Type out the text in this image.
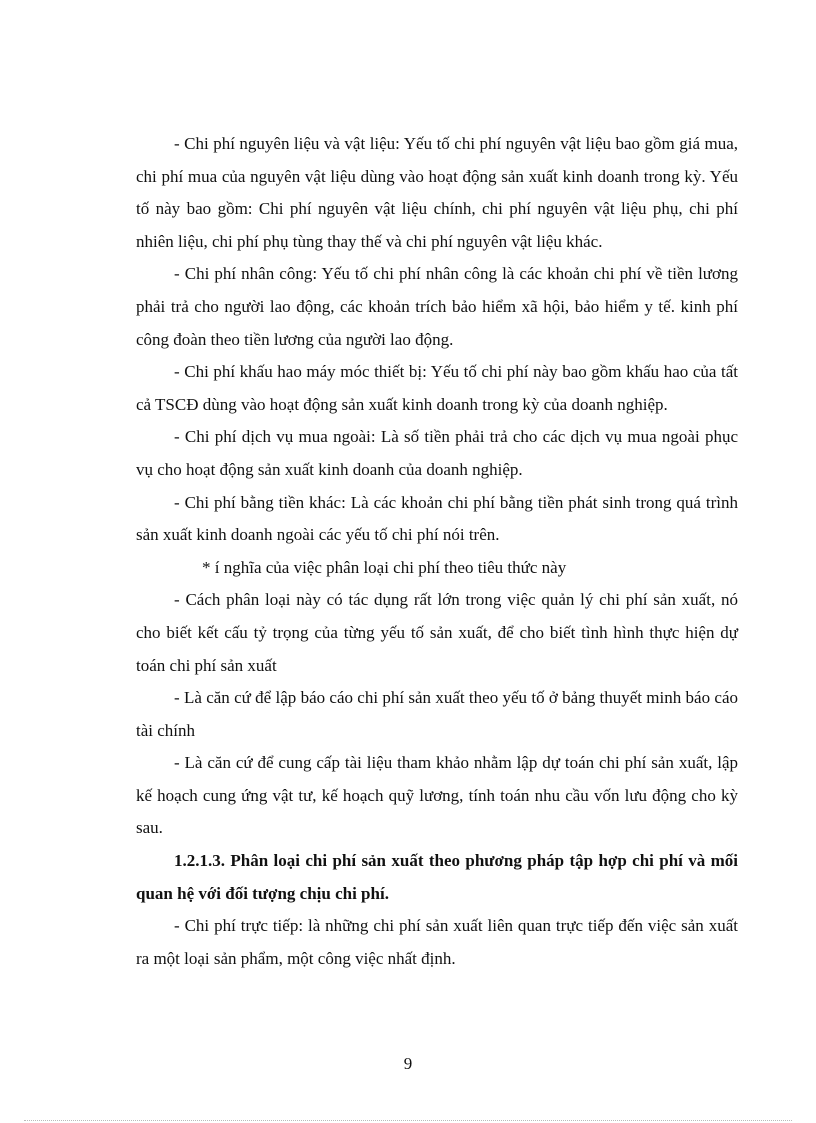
- Chi phí nguyên liệu và vật liệu: Yếu tố chi phí nguyên vật liệu bao gồm giá mua, chi phí mua của nguyên vật liệu dùng vào hoạt động sản xuất kinh doanh trong kỳ. Yếu tố này bao gồm: Chi phí nguyên vật liệu chính, chi phí nguyên vật liệu phụ, chi phí nhiên liệu, chi phí phụ tùng thay thế và chi phí nguyên vật liệu khác.

- Chi phí nhân công: Yếu tố chi phí nhân công là các khoản chi phí về tiền lương phải trả cho người lao động, các khoản trích bảo hiểm xã hội, bảo hiểm y tế. kinh phí công đoàn theo tiền lương của người lao động.

- Chi phí khấu hao máy móc thiết bị: Yếu tố chi phí này bao gồm khấu hao của tất cả TSCĐ dùng vào hoạt động sản xuất kinh doanh trong kỳ của doanh nghiệp.

- Chi phí dịch vụ mua ngoài: Là số tiền phải trả cho các dịch vụ mua ngoài phục vụ cho hoạt động sản xuất kinh doanh của doanh nghiệp.

- Chi phí bằng tiền khác: Là các khoản chi phí bằng tiền phát sinh trong quá trình sản xuất kinh doanh ngoài các yếu tố chi phí nói trên.

* í nghĩa của việc phân loại chi phí theo tiêu thức này

- Cách phân loại này có tác dụng rất lớn trong việc quản lý chi phí sản xuất, nó cho biết kết cấu tỷ trọng của từng yếu tố sản xuất, để cho biết tình hình thực hiện dự toán chi phí sản xuất

- Là căn cứ để lập báo cáo chi phí sản xuất theo yếu tố ở bảng thuyết minh báo cáo tài chính

- Là căn cứ để cung cấp tài liệu tham khảo nhằm lập dự toán chi phí sản xuất, lập kế hoạch cung ứng vật tư, kế hoạch quỹ lương, tính toán nhu cầu vốn lưu động cho kỳ sau.

1.2.1.3. Phân loại chi phí sản xuất theo phương pháp tập hợp chi phí và mối quan hệ với đối tượng chịu chi phí.

- Chi phí trực tiếp: là những chi phí sản xuất liên quan trực tiếp đến việc sản xuất ra một loại sản phẩm, một công việc nhất định.

9
